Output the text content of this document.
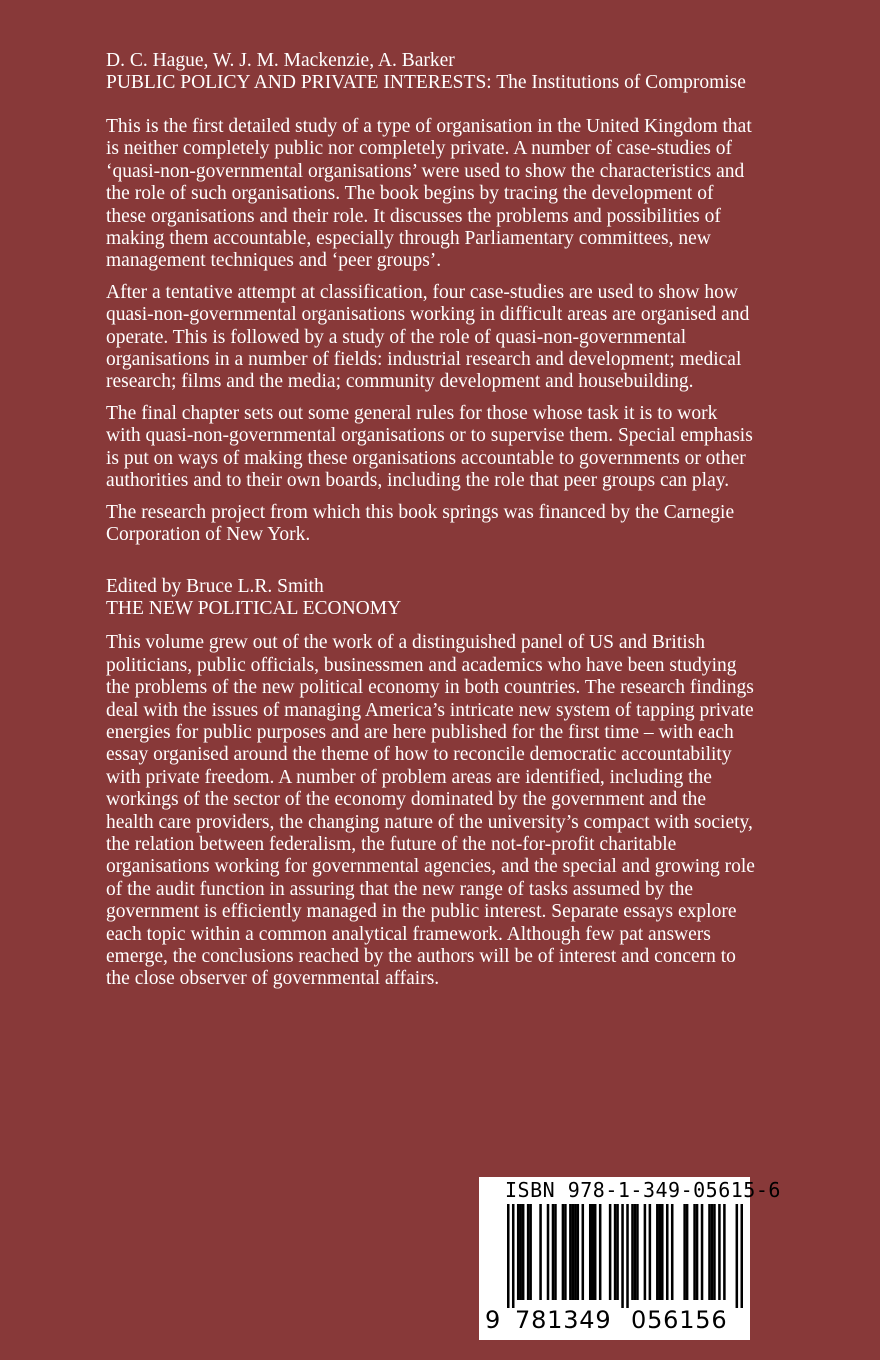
D. C. Hague, W. J. M. Mackenzie, A. Barker
PUBLIC POLICY AND PRIVATE INTERESTS: The Institutions of Compromise

This is the first detailed study of a type of organisation in the United Kingdom that is neither completely public nor completely private. A number of case-studies of ‘quasi-non-governmental organisations’ were used to show the characteristics and the role of such organisations. The book begins by tracing the development of these organisations and their role. It discusses the problems and possibilities of making them accountable, especially through Parliamentary committees, new management techniques and ‘peer groups’.

After a tentative attempt at classification, four case-studies are used to show how quasi-non-governmental organisations working in difficult areas are organised and operate. This is followed by a study of the role of quasi-non-governmental organisations in a number of fields: industrial research and development; medical research; films and the media; community development and housebuilding.

The final chapter sets out some general rules for those whose task it is to work with quasi-non-governmental organisations or to supervise them. Special emphasis is put on ways of making these organisations accountable to governments or other authorities and to their own boards, including the role that peer groups can play.

The research project from which this book springs was financed by the Carnegie Corporation of New York.

Edited by Bruce L.R. Smith
THE NEW POLITICAL ECONOMY

This volume grew out of the work of a distinguished panel of US and British politicians, public officials, businessmen and academics who have been studying the problems of the new political economy in both countries. The research findings deal with the issues of managing America’s intricate new system of tapping private energies for public purposes and are here published for the first time – with each essay organised around the theme of how to reconcile democratic accountability with private freedom. A number of problem areas are identified, including the workings of the sector of the economy dominated by the government and the health care providers, the changing nature of the university’s compact with society, the relation between federalism, the future of the not-for-profit charitable organisations working for governmental agencies, and the special and growing role of the audit function in assuring that the new range of tasks assumed by the government is efficiently managed in the public interest. Separate essays explore each topic within a common analytical framework. Although few pat answers emerge, the conclusions reached by the authors will be of interest and concern to the close observer of governmental affairs.

ISBN 978-1-349-05615-6
9 781349 056156
